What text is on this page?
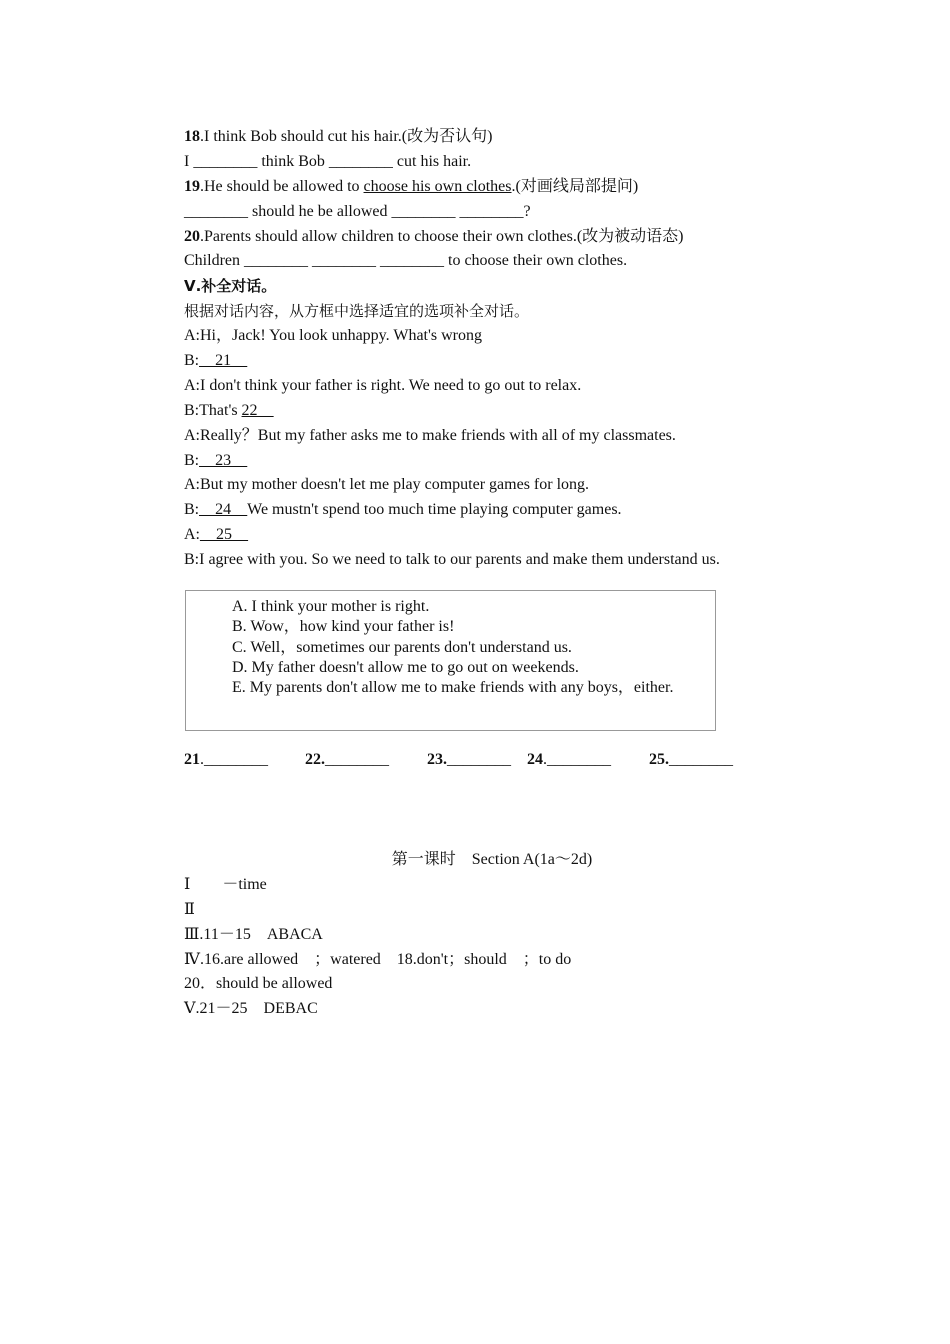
18.I think Bob should cut his hair.(改为否认句)
I ________ think Bob ________ cut his hair.
19.He should be allowed to choose his own clothes.(对画线局部提问)
________ should he be allowed ________ ________?
20.Parents should allow children to choose their own clothes.(改为被动语态)
Children ________ ________ ________ to choose their own clothes.
Ⅴ.补全对话。
根据对话内容，从方框中选择适宜的选项补全对话。
A:Hi，Jack! You look unhappy. What's wrong
B:__21__
A:I don't think your father is right. We need to go out to relax.
B:That's 22__
A:Really？But my father asks me to make friends with all of my classmates.
B:__23__
A:But my mother doesn't let me play computer games for long.
B:__24__We mustn't spend too much time playing computer games.
A:__25__
B:I agree with you. So we need to talk to our parents and make them understand us.
A. I think your mother is right.
B. Wow，how kind your father is!
C. Well，sometimes our parents don't understand us.
D. My father doesn't allow me to go out on weekends.
E. My parents don't allow me to make friends with any boys，either.

21.________

22.________

23.________

24.________

25.________

第一课时　Section A(1a～2d)
Ⅰ　　－time
Ⅱ
Ⅲ.11－15　ABACA
Ⅳ.16.are allowed　；watered　18.don't；should　；to do
20．should be allowed
Ⅴ.21－25　DEBAC
